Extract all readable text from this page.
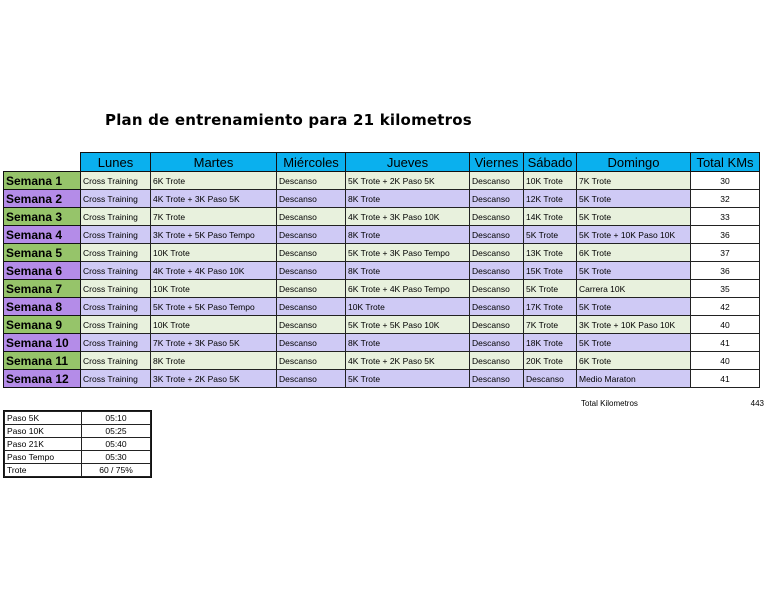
Plan de entrenamiento para 21 kilometros
	Lunes	Martes	Miércoles	Jueves	Viernes	Sábado	Domingo	Total KMs
Semana 1	Cross Training	6K Trote	Descanso	5K Trote + 2K Paso 5K	Descanso	10K Trote	7K Trote	30
Semana 2	Cross Training	4K Trote + 3K Paso 5K	Descanso	8K Trote	Descanso	12K Trote	5K Trote	32
Semana 3	Cross Training	7K Trote	Descanso	4K Trote + 3K Paso 10K	Descanso	14K Trote	5K Trote	33
Semana 4	Cross Training	3K Trote + 5K Paso Tempo	Descanso	8K Trote	Descanso	5K Trote	5K Trote + 10K Paso 10K	36
Semana 5	Cross Training	10K Trote	Descanso	5K Trote + 3K Paso Tempo	Descanso	13K Trote	6K Trote	37
Semana 6	Cross Training	4K Trote + 4K Paso 10K	Descanso	8K Trote	Descanso	15K Trote	5K Trote	36
Semana 7	Cross Training	10K Trote	Descanso	6K Trote + 4K Paso Tempo	Descanso	5K Trote	Carrera 10K	35
Semana 8	Cross Training	5K Trote + 5K Paso Tempo	Descanso	10K Trote	Descanso	17K Trote	5K Trote	42
Semana 9	Cross Training	10K Trote	Descanso	5K Trote + 5K Paso 10K	Descanso	7K Trote	3K Trote + 10K Paso 10K	40
Semana 10	Cross Training	7K Trote + 3K Paso 5K	Descanso	8K Trote	Descanso	18K Trote	5K Trote	41
Semana 11	Cross Training	8K Trote	Descanso	4K Trote + 2K Paso 5K	Descanso	20K Trote	6K Trote	40
Semana 12	Cross Training	3K Trote + 2K Paso 5K	Descanso	5K Trote	Descanso	Descanso	Medio Maraton	41
Total Kilometros	443
Paso 5K	05:10
Paso 10K	05:25
Paso 21K	05:40
Paso Tempo	05:30
Trote	60 / 75%
